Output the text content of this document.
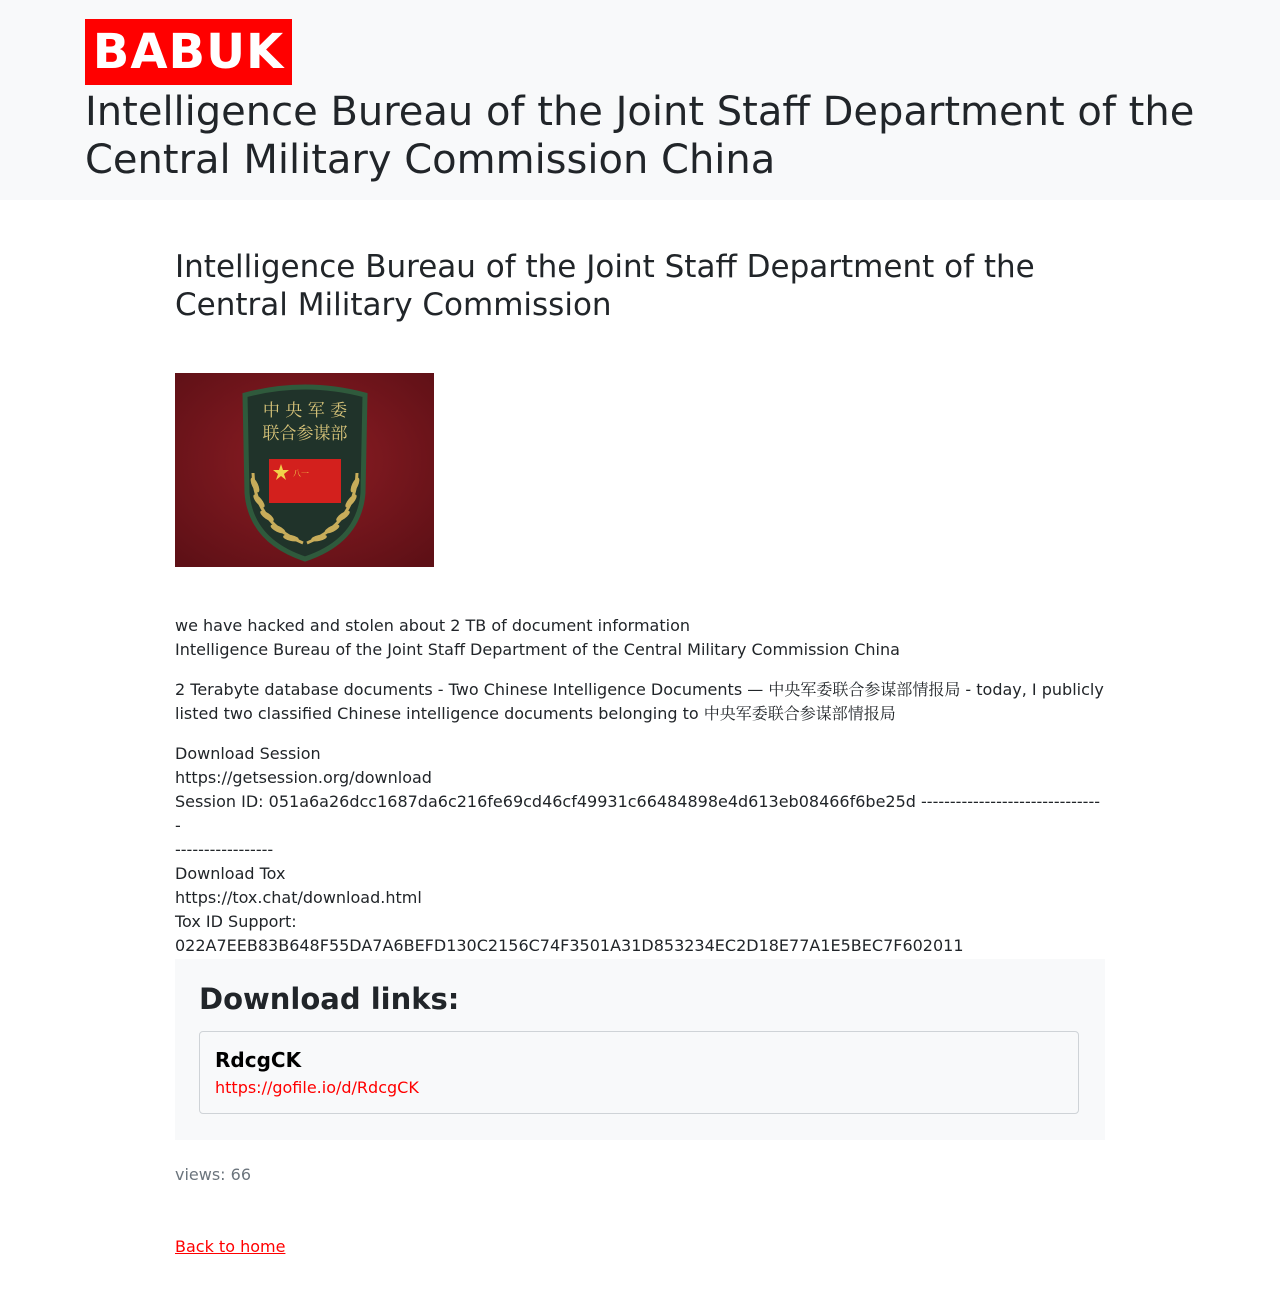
BABUK
Intelligence Bureau of the Joint Staff Department of the Central Military Commission China
Intelligence Bureau of the Joint Staff Department of the Central Military Commission
中 央 军 委
联合参谋部
八一
we have hacked and stolen about 2 TB of document information
Intelligence Bureau of the Joint Staff Department of the Central Military Commission China

2 Terabyte database documents - Two Chinese Intelligence Documents — 中央军委联合参谋部情报局 - today, I publicly listed two classified Chinese intelligence documents belonging to 中央军委联合参谋部情报局

Download Session
https://getsession.org/download
Session ID: 051a6a26dcc1687da6c216fe69cd46cf49931c66484898e4d613eb08466f6be25d --------------------------------
-----------------
Download Tox
https://tox.chat/download.html
Tox ID Support:
022A7EEB83B648F55DA7A6BEFD130C2156C74F3501A31D853234EC2D18E77A1E5BEC7F602011
Download links:
RdcgCK
https://gofile.io/d/RdcgCK
views: 66
Back to home
